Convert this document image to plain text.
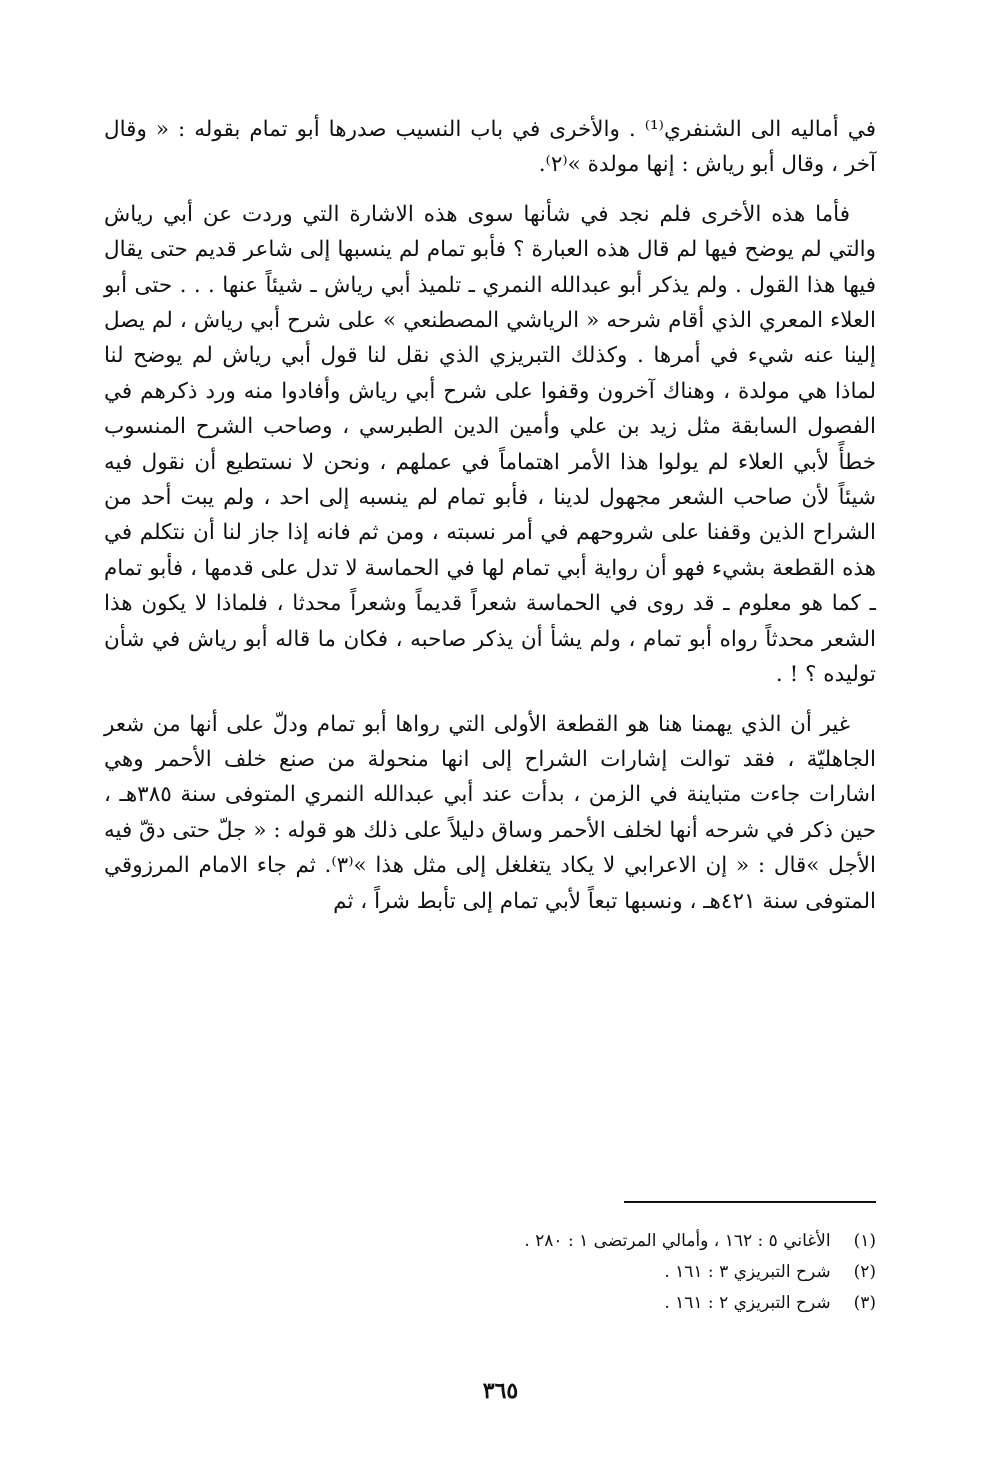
في أماليه الى الشنفري⁽¹⁾ . والأخرى في باب النسيب صدرها أبو تمام بقوله : « وقال آخر ، وقال أبو رياش : إنها مولدة »⁽٢⁾.

فأما هذه الأخرى فلم نجد في شأنها سوى هذه الاشارة التي وردت عن أبي رياش والتي لم يوضح فيها لم قال هذه العبارة ؟ فأبو تمام لم ينسبها إلى شاعر قديم حتى يقال فيها هذا القول . ولم يذكر أبو عبدالله النمري ـ تلميذ أبي رياش ـ شيئاً عنها . . . حتى أبو العلاء المعري الذي أقام شرحه « الرياشي المصطنعي » على شرح أبي رياش ، لم يصل إلينا عنه شيء في أمرها . وكذلك التبريزي الذي نقل لنا قول أبي رياش لم يوضح لنا لماذا هي مولدة ، وهناك آخرون وقفوا على شرح أبي رياش وأفادوا منه ورد ذكرهم في الفصول السابقة مثل زيد بن علي وأمين الدين الطبرسي ، وصاحب الشرح المنسوب خطأً لأبي العلاء لم يولوا هذا الأمر اهتماماً في عملهم ، ونحن لا نستطيع أن نقول فيه شيئاً لأن صاحب الشعر مجهول لدينا ، فأبو تمام لم ينسبه إلى احد ، ولم يبت أحد من الشراح الذين وقفنا على شروحهم في أمر نسبته ، ومن ثم فانه إذا جاز لنا أن نتكلم في هذه القطعة بشيء فهو أن رواية أبي تمام لها في الحماسة لا تدل على قدمها ، فأبو تمام ـ كما هو معلوم ـ قد روى في الحماسة شعراً قديماً وشعراً محدثا ، فلماذا لا يكون هذا الشعر محدثاً رواه أبو تمام ، ولم يشأ أن يذكر صاحبه ، فكان ما قاله أبو رياش في شأن توليده ؟ ! .

غير أن الذي يهمنا هنا هو القطعة الأولى التي رواها أبو تمام ودلّ على أنها من شعر الجاهليّة ، فقد توالت إشارات الشراح إلى انها منحولة من صنع خلف الأحمر وهي اشارات جاءت متباينة في الزمن ، بدأت عند أبي عبدالله النمري المتوفى سنة ٣٨٥هـ ، حين ذكر في شرحه أنها لخلف الأحمر وساق دليلاً على ذلك هو قوله : « جلّ حتى دقّ فيه الأجل »قال : « إن الاعرابي لا يكاد يتغلغل إلى مثل هذا »⁽٣⁾. ثم جاء الامام المرزوقي المتوفى سنة ٤٢١هـ ، ونسبها تبعاً لأبي تمام إلى تأبط شراً ، ثم

(١) الأغاني ٥ : ١٦٢ ، وأمالي المرتضى ١ : ٢٨٠ .
(٢) شرح التبريزي ٣ : ١٦١ .
(٣) شرح التبريزي ٢ : ١٦١ .
٣٦٥
